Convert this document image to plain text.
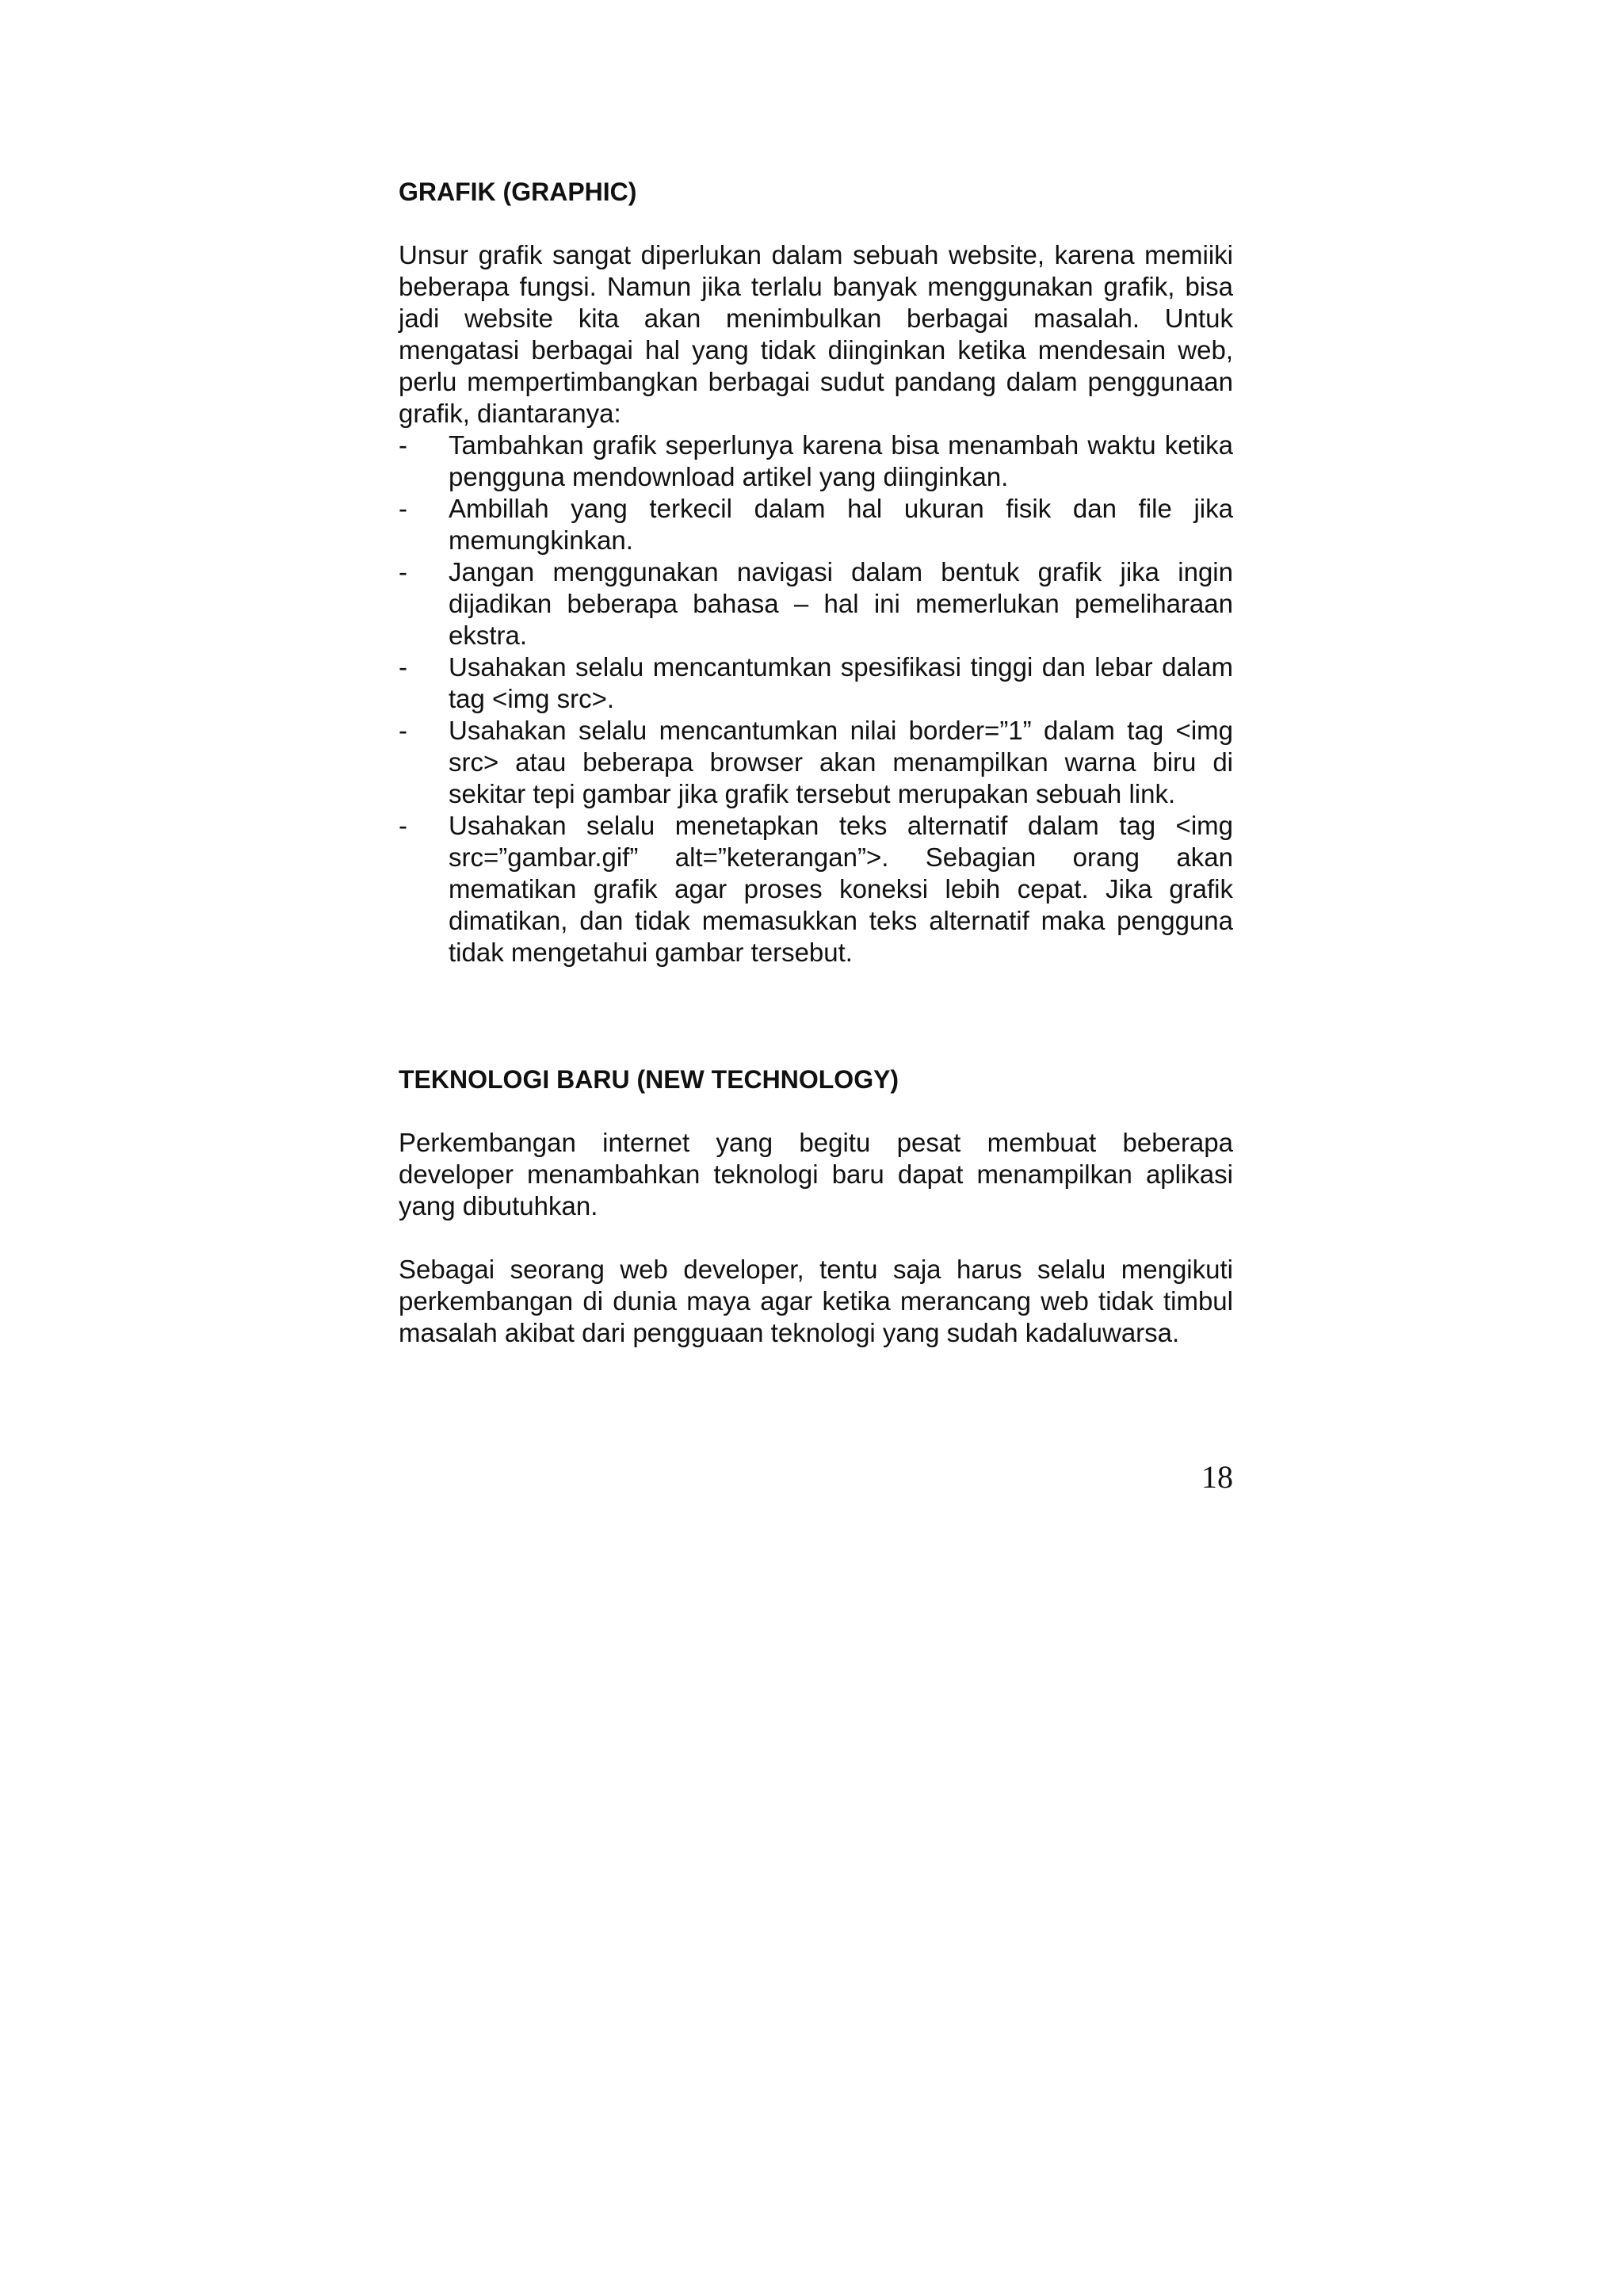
GRAFIK (GRAPHIC)

Unsur grafik sangat diperlukan dalam sebuah website, karena memiiki beberapa fungsi. Namun jika terlalu banyak menggunakan grafik, bisa jadi website kita akan menimbulkan berbagai masalah. Untuk mengatasi berbagai hal yang tidak diinginkan ketika mendesain web, perlu mempertimbangkan berbagai sudut pandang dalam penggunaan grafik, diantaranya:

- Tambahkan grafik seperlunya karena bisa menambah waktu ketika pengguna mendownload artikel yang diinginkan.
- Ambillah yang terkecil dalam hal ukuran fisik dan file jika memungkinkan.
- Jangan menggunakan navigasi dalam bentuk grafik jika ingin dijadikan beberapa bahasa – hal ini memerlukan pemeliharaan ekstra.
- Usahakan selalu mencantumkan spesifikasi tinggi dan lebar dalam tag <img src>.
- Usahakan selalu mencantumkan nilai border=”1” dalam tag <img src> atau beberapa browser akan menampilkan warna biru di sekitar tepi gambar jika grafik tersebut merupakan sebuah link.
- Usahakan selalu menetapkan teks alternatif dalam tag <img src=”gambar.gif” alt=”keterangan”>. Sebagian orang akan mematikan grafik agar proses koneksi lebih cepat. Jika grafik dimatikan, dan tidak memasukkan teks alternatif maka pengguna tidak mengetahui gambar tersebut.
TEKNOLOGI BARU (NEW TECHNOLOGY)

Perkembangan internet yang begitu pesat membuat beberapa developer menambahkan teknologi baru dapat menampilkan aplikasi yang dibutuhkan.

Sebagai seorang web developer, tentu saja harus selalu mengikuti perkembangan di dunia maya agar ketika merancang web tidak timbul masalah akibat dari pengguaan teknologi yang sudah kadaluwarsa.

18
